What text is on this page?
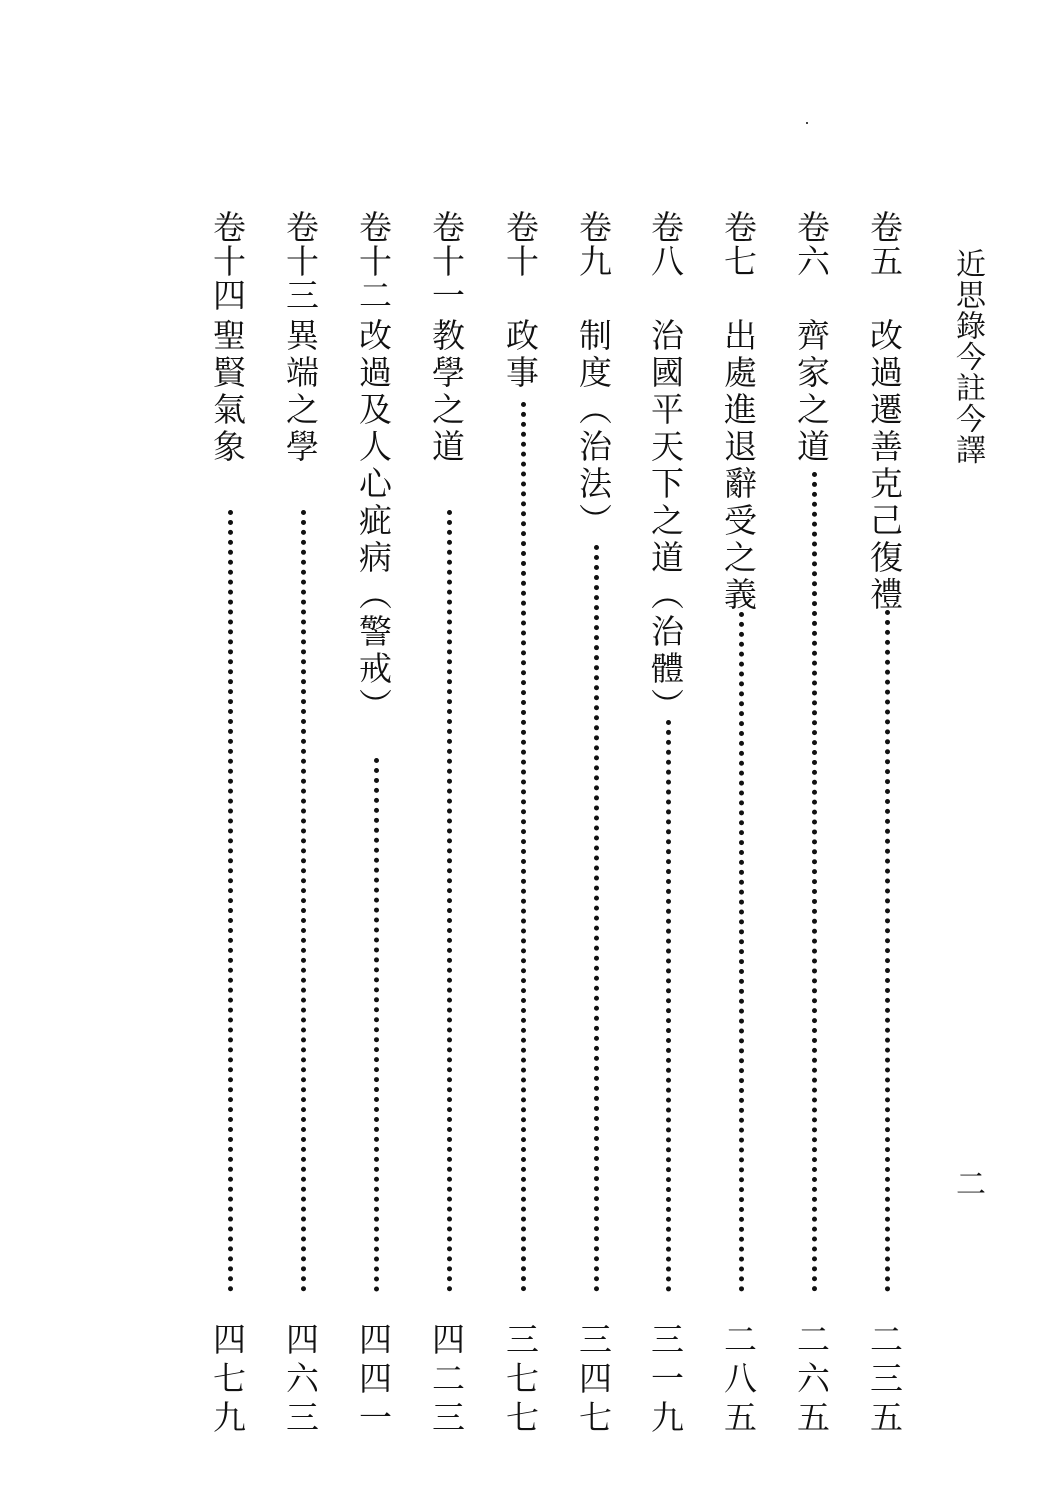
近思錄今註今譯
二
卷五
改過遷善克己復禮
二三五
卷六
齊家之道
二六五
卷七
出處進退辭受之義
二八五
卷八
治國平天下之道（治體）
三一九
卷九
制度（治法）
三四七
卷十
政事
三七七
卷十一
教學之道
四二三
卷十二
改過及人心疵病（警戒）
四四一
卷十三
異端之學
四六三
卷十四
聖賢氣象
四七九
